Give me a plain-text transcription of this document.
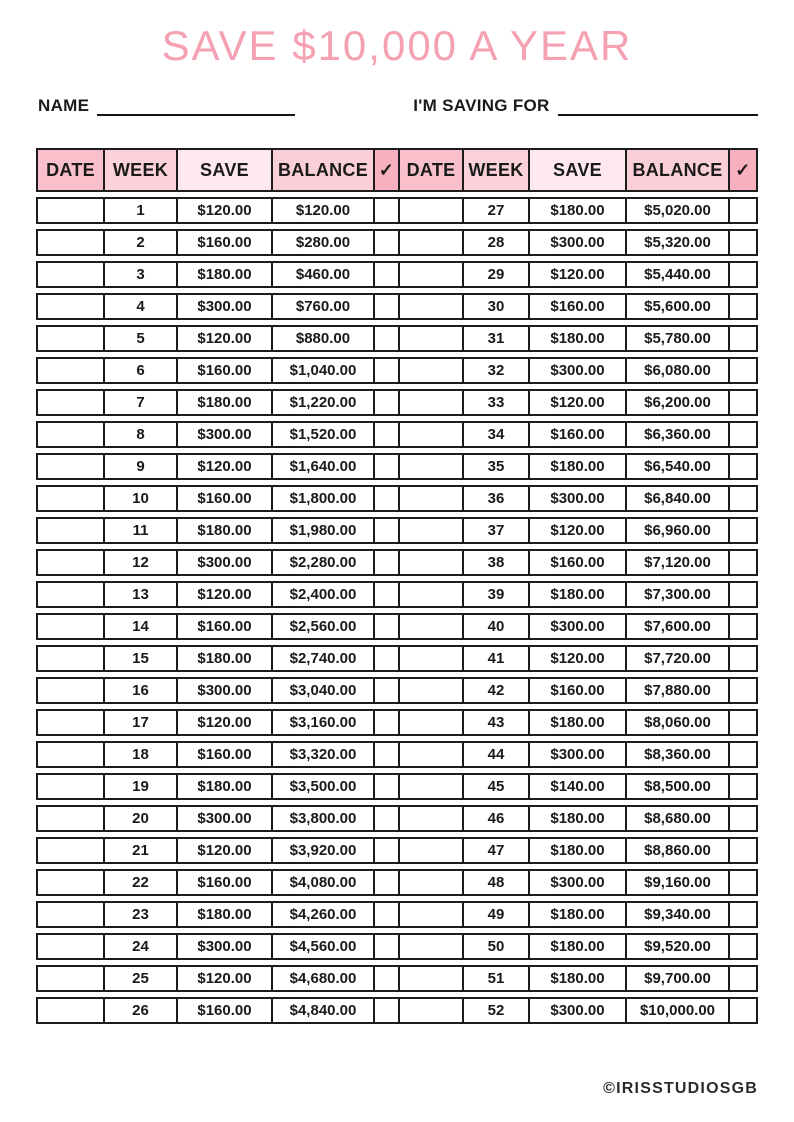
SAVE $10,000 A YEAR
NAME	I'M SAVING FOR
DATE	WEEK	SAVE	BALANCE	✓	DATE	WEEK	SAVE	BALANCE	✓
	1	$120.00	$120.00			27	$180.00	$5,020.00	
	2	$160.00	$280.00			28	$300.00	$5,320.00	
	3	$180.00	$460.00			29	$120.00	$5,440.00	
	4	$300.00	$760.00			30	$160.00	$5,600.00	
	5	$120.00	$880.00			31	$180.00	$5,780.00	
	6	$160.00	$1,040.00			32	$300.00	$6,080.00	
	7	$180.00	$1,220.00			33	$120.00	$6,200.00	
	8	$300.00	$1,520.00			34	$160.00	$6,360.00	
	9	$120.00	$1,640.00			35	$180.00	$6,540.00	
	10	$160.00	$1,800.00			36	$300.00	$6,840.00	
	11	$180.00	$1,980.00			37	$120.00	$6,960.00	
	12	$300.00	$2,280.00			38	$160.00	$7,120.00	
	13	$120.00	$2,400.00			39	$180.00	$7,300.00	
	14	$160.00	$2,560.00			40	$300.00	$7,600.00	
	15	$180.00	$2,740.00			41	$120.00	$7,720.00	
	16	$300.00	$3,040.00			42	$160.00	$7,880.00	
	17	$120.00	$3,160.00			43	$180.00	$8,060.00	
	18	$160.00	$3,320.00			44	$300.00	$8,360.00	
	19	$180.00	$3,500.00			45	$140.00	$8,500.00	
	20	$300.00	$3,800.00			46	$180.00	$8,680.00	
	21	$120.00	$3,920.00			47	$180.00	$8,860.00	
	22	$160.00	$4,080.00			48	$300.00	$9,160.00	
	23	$180.00	$4,260.00			49	$180.00	$9,340.00	
	24	$300.00	$4,560.00			50	$180.00	$9,520.00	
	25	$120.00	$4,680.00			51	$180.00	$9,700.00	
	26	$160.00	$4,840.00			52	$300.00	$10,000.00	
©IRISSTUDIOSGB
